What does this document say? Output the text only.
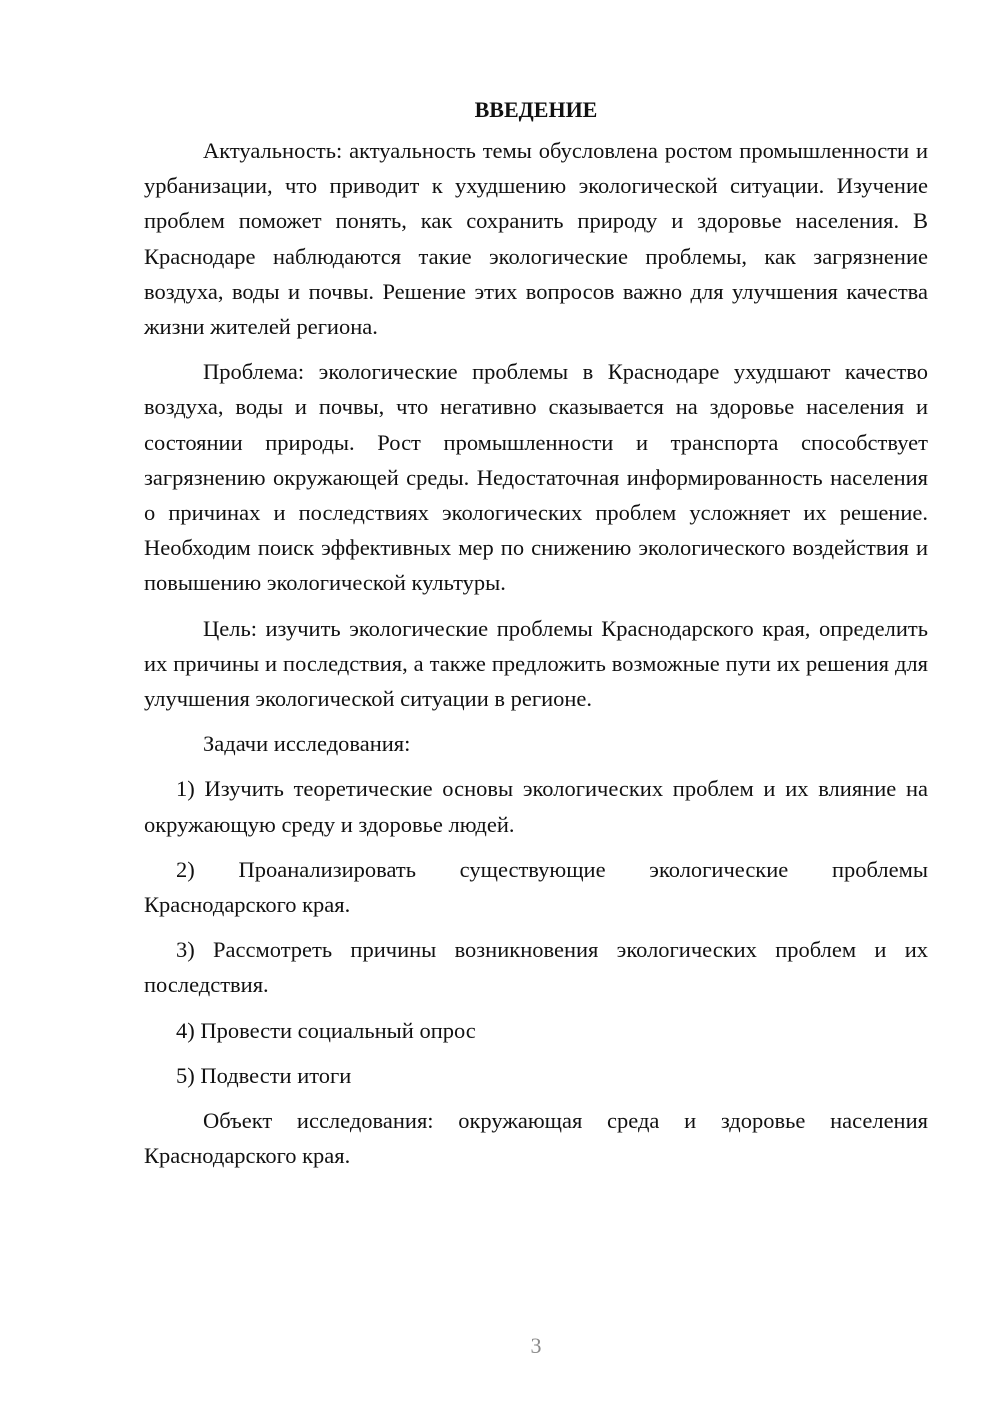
ВВЕДЕНИЕ

Актуальность: актуальность темы обусловлена ростом промышленности и урбанизации, что приводит к ухудшению экологической ситуации. Изучение проблем поможет понять, как сохранить природу и здоровье населения. В Краснодаре наблюдаются такие экологические проблемы, как загрязнение воздуха, воды и почвы. Решение этих вопросов важно для улучшения качества жизни жителей региона.

Проблема: экологические проблемы в Краснодаре ухудшают качество воздуха, воды и почвы, что негативно сказывается на здоровье населения и состоянии природы. Рост промышленности и транспорта способствует загрязнению окружающей среды. Недостаточная информированность населения о причинах и последствиях экологических проблем усложняет их решение. Необходим поиск эффективных мер по снижению экологического воздействия и повышению экологической культуры.

Цель: изучить экологические проблемы Краснодарского края, определить их причины и последствия, а также предложить возможные пути их решения для улучшения экологической ситуации в регионе.

Задачи исследования:

1) Изучить теоретические основы экологических проблем и их влияние на окружающую среду и здоровье людей.

2) Проанализировать существующие экологические проблемы Краснодарского края.

3) Рассмотреть причины возникновения экологических проблем и их последствия.

4) Провести социальный опрос

5) Подвести итоги

Объект исследования: окружающая среда и здоровье населения Краснодарского края.

3
